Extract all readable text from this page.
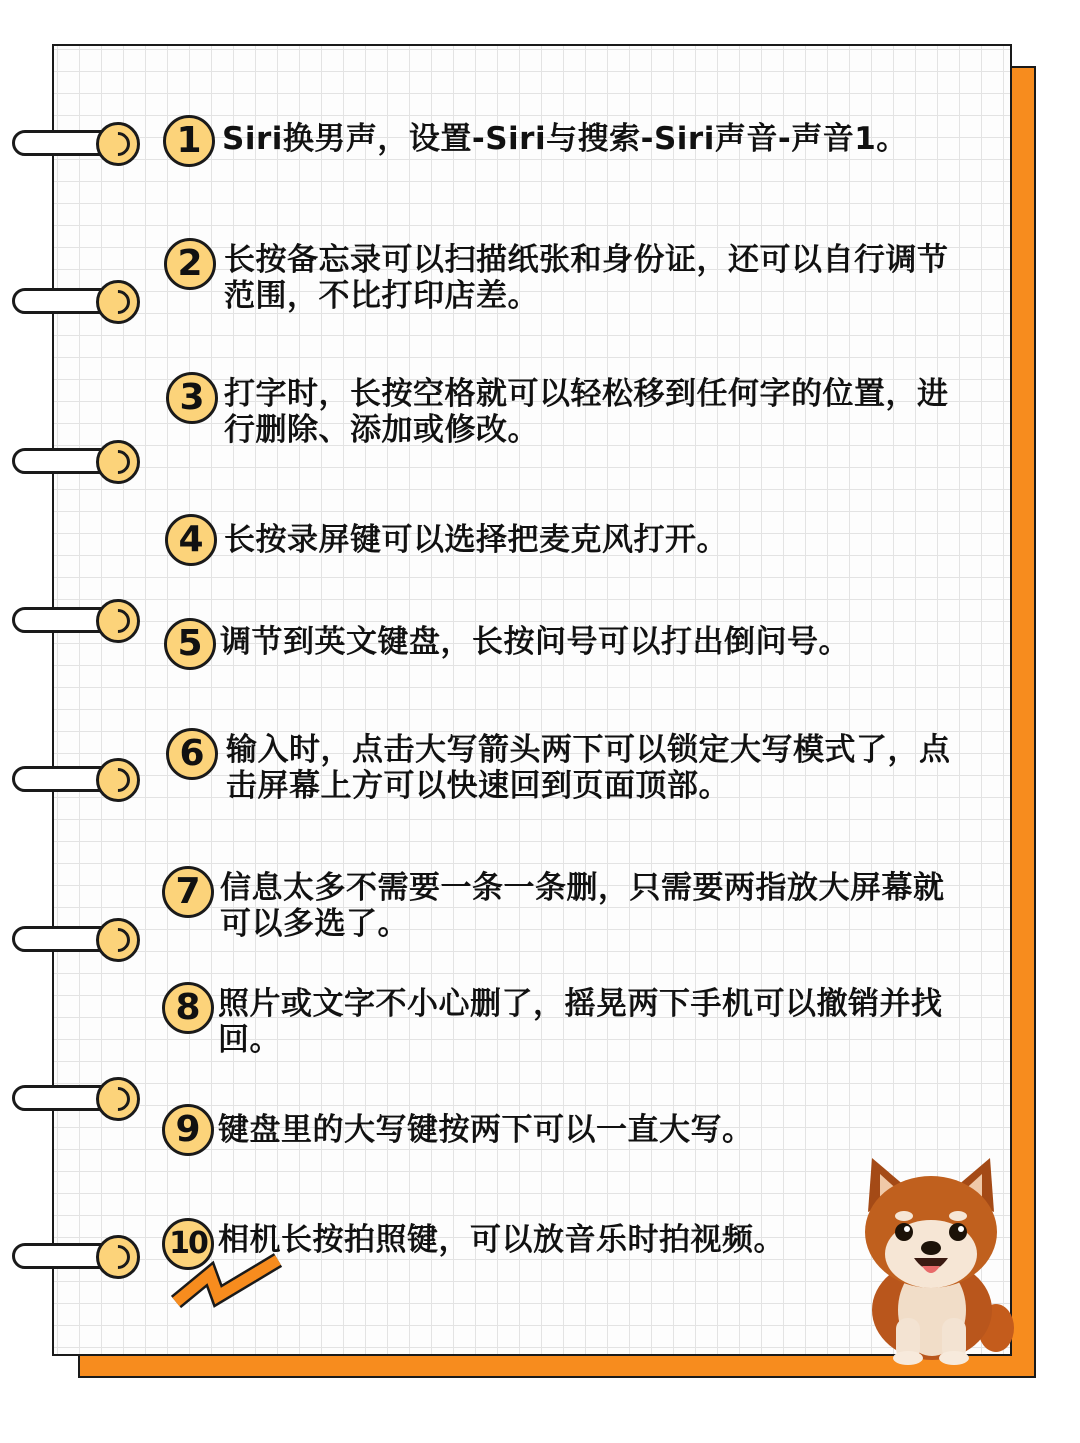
1 Siri换男声，设置-Siri与搜索-Siri声音-声音1。
2 长按备忘录可以扫描纸张和身份证，还可以自行调节
范围，不比打印店差。
3 打字时，长按空格就可以轻松移到任何字的位置，进
行删除、添加或修改。
4 长按录屏键可以选择把麦克风打开。
5 调节到英文键盘，长按问号可以打出倒问号。
6 输入时，点击大写箭头两下可以锁定大写模式了，点
击屏幕上方可以快速回到页面顶部。
7 信息太多不需要一条一条删，只需要两指放大屏幕就
可以多选了。
8 照片或文字不小心删了，摇晃两下手机可以撤销并找
回。
9 键盘里的大写键按两下可以一直大写。
10 相机长按拍照键，可以放音乐时拍视频。
